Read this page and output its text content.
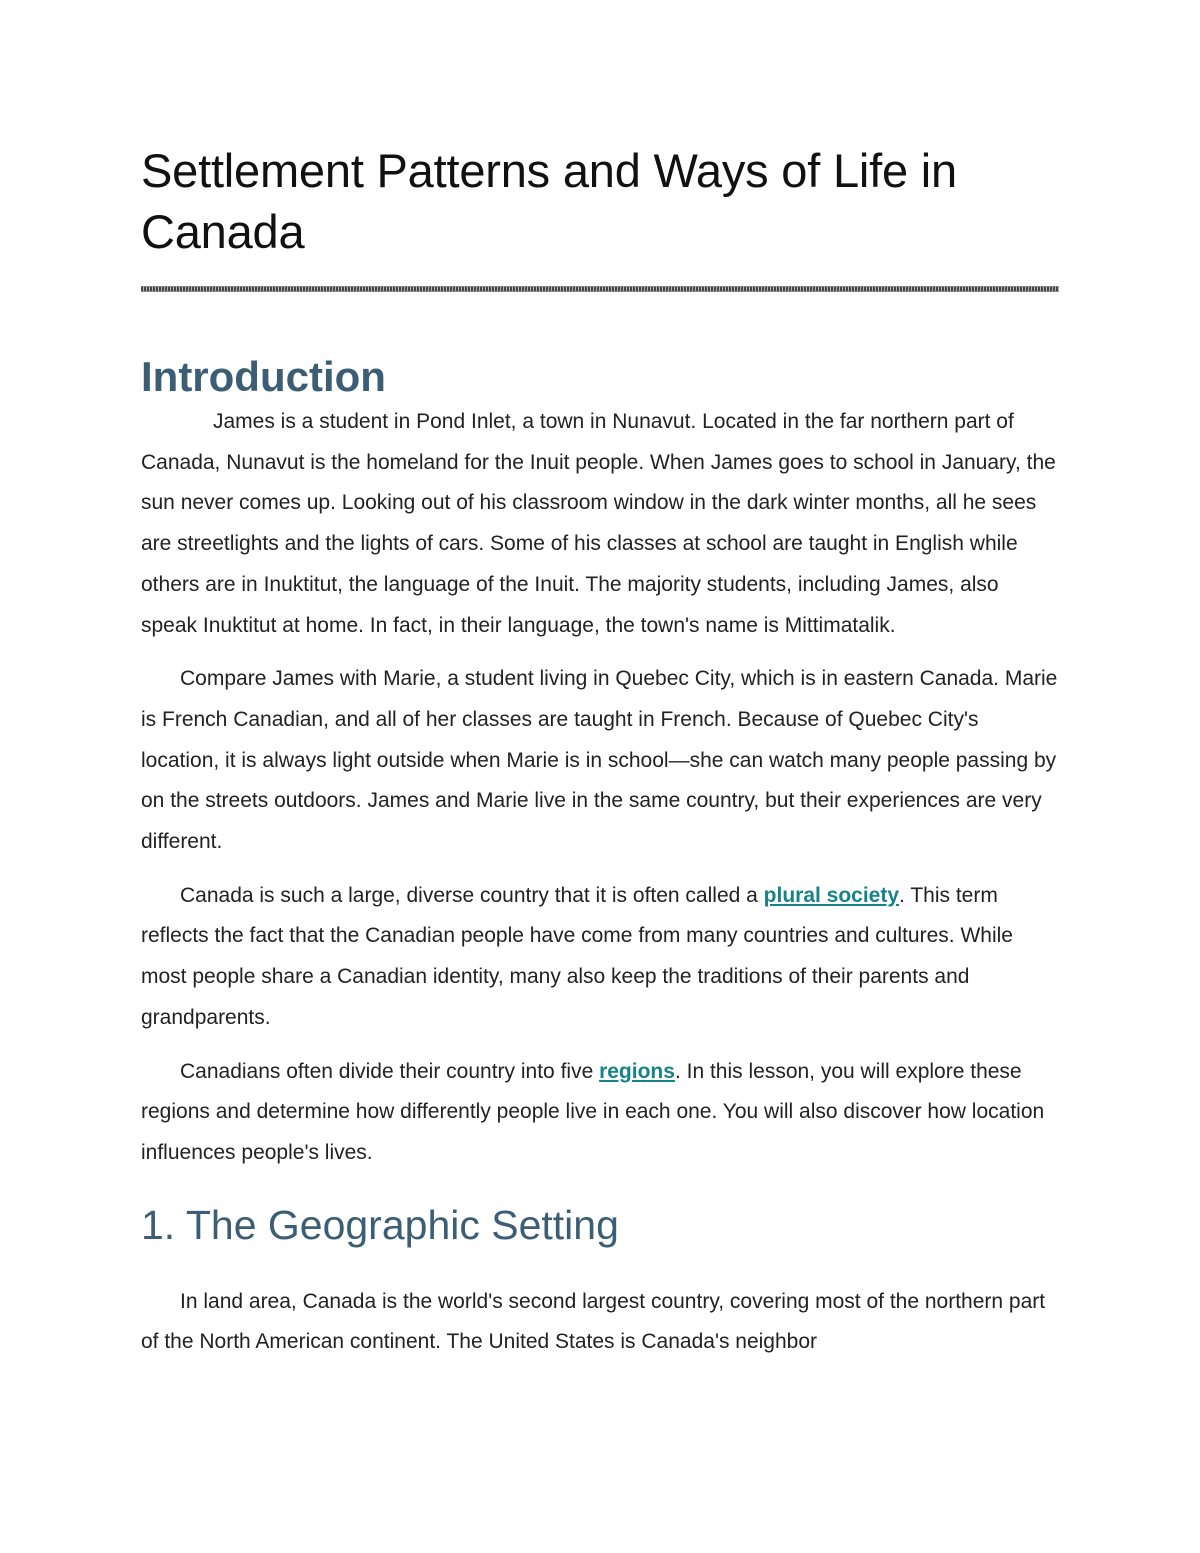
Settlement Patterns and Ways of Life in Canada
Introduction

James is a student in Pond Inlet, a town in Nunavut. Located in the far northern part of Canada, Nunavut is the homeland for the Inuit people. When James goes to school in January, the sun never comes up. Looking out of his classroom window in the dark winter months, all he sees are streetlights and the lights of cars. Some of his classes at school are taught in English while others are in Inuktitut, the language of the Inuit. The majority students, including James, also speak Inuktitut at home. In fact, in their language, the town's name is Mittimatalik.

Compare James with Marie, a student living in Quebec City, which is in eastern Canada. Marie is French Canadian, and all of her classes are taught in French. Because of Quebec City's location, it is always light outside when Marie is in school—she can watch many people passing by on the streets outdoors. James and Marie live in the same country, but their experiences are very different.

Canada is such a large, diverse country that it is often called a plural society. This term reflects the fact that the Canadian people have come from many countries and cultures. While most people share a Canadian identity, many also keep the traditions of their parents and grandparents.

Canadians often divide their country into five regions. In this lesson, you will explore these regions and determine how differently people live in each one. You will also discover how location influences people's lives.

1. The Geographic Setting

In land area, Canada is the world's second largest country, covering most of the northern part of the North American continent. The United States is Canada's neighbor
